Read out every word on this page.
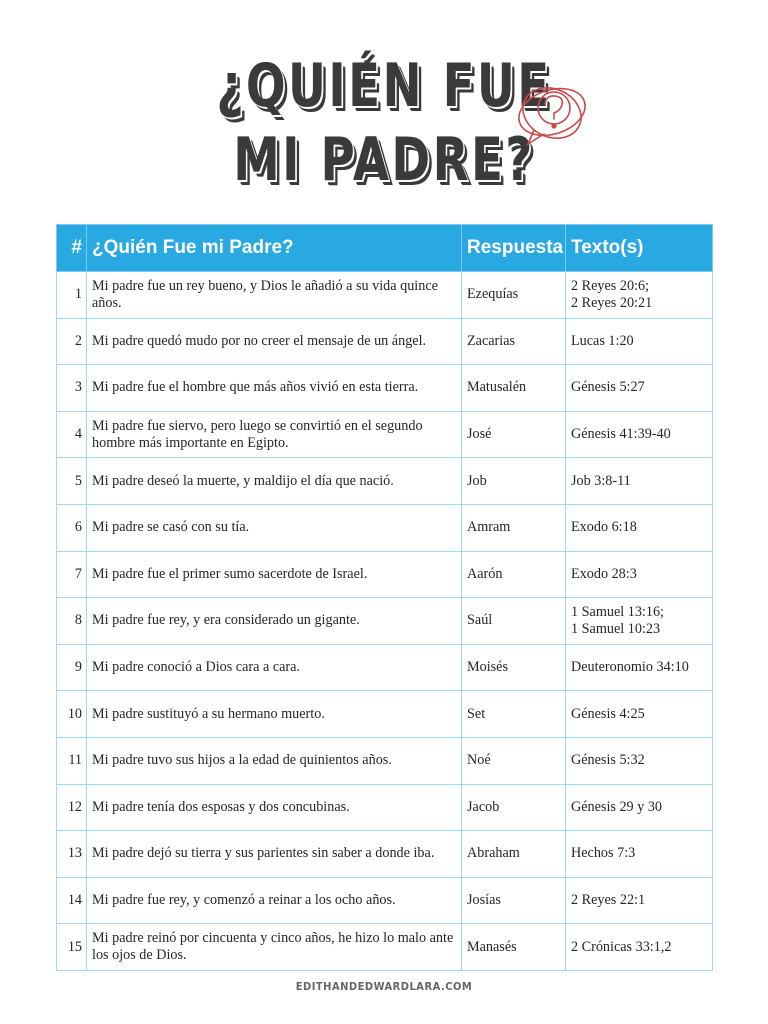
¿QUIÉN FUE
MI PADRE?
#	¿Quién Fue mi Padre?	Respuesta	Texto(s)
1	Mi padre fue un rey bueno, y Dios le añadió a su vida quince años.	Ezequías	2 Reyes 20:6;
2 Reyes 20:21

2	Mi padre quedó mudo por no creer el mensaje de un ángel.	Zacarias	Lucas 1:20

3	Mi padre fue el hombre que más años vivió en esta tierra.	Matusalén	Génesis 5:27

4	Mi padre fue siervo, pero luego se convirtió en el segundo hombre más importante en Egipto.	José	Génesis 41:39-40

5	Mi padre deseó la muerte, y maldijo el día que nació.	Job	Job 3:8-11

6	Mi padre se casó con su tía.	Amram	Exodo 6:18

7	Mi padre fue el primer sumo sacerdote de Israel.	Aarón	Exodo 28:3

8	Mi padre fue rey, y era considerado un gigante.	Saúl	1 Samuel 13:16;
1 Samuel 10:23

9	Mi padre conoció a Dios cara a cara.	Moisés	Deuteronomio 34:10

10	Mi padre sustituyó a su hermano muerto.	Set	Génesis 4:25

11	Mi padre tuvo sus hijos a la edad de quinientos años.	Noé	Génesis 5:32

12	Mi padre tenía dos esposas y dos concubinas.	Jacob	Génesis 29 y 30

13	Mi padre dejó su tierra y sus parientes sin saber a donde iba.	Abraham	Hechos 7:3

14	Mi padre fue rey, y comenzó a reinar a los ocho años.	Josías	2 Reyes 22:1

15	Mi padre reinó por cincuenta y cinco años, he hizo lo malo ante los ojos de Dios.	Manasés	2 Crónicas 33:1,2
EDITHANDEDWARDLARA.COM
